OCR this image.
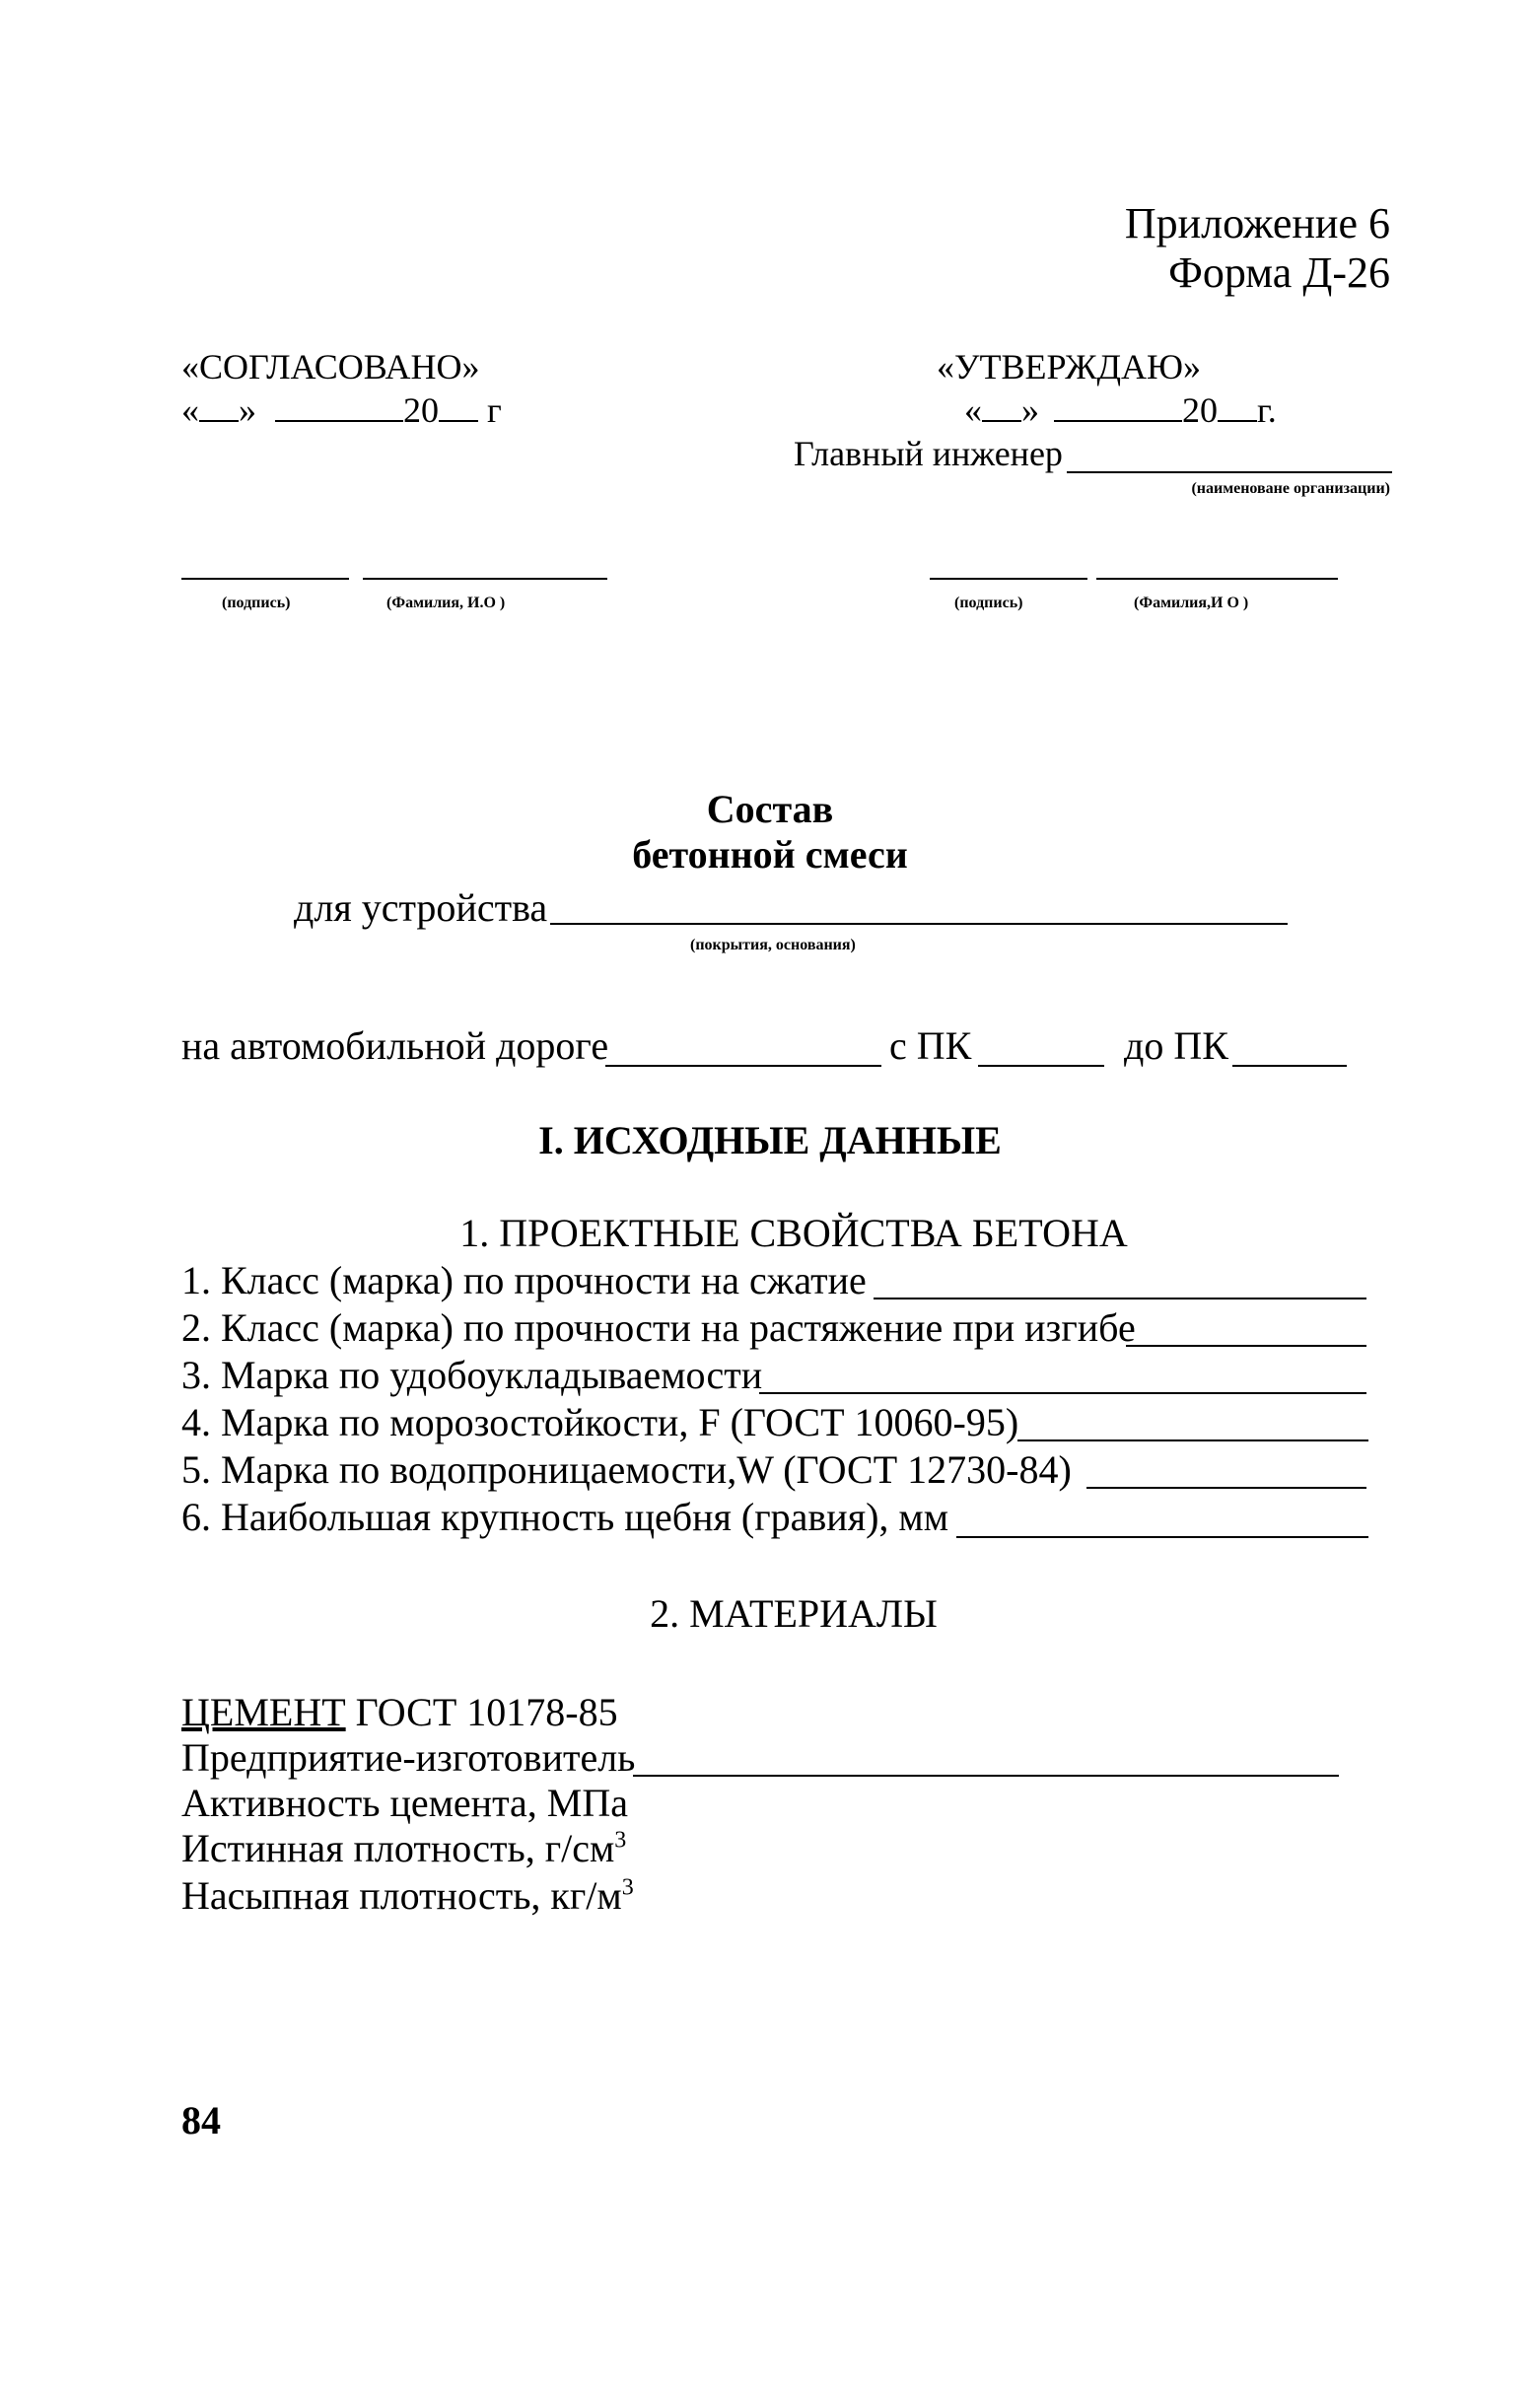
Приложение 6
Форма Д-26
«СОГЛАСОВАНО»
« »	20 г
(подпись)	(Фамилия, И.О )
«УТВЕРЖДАЮ»
« »	20 г.
Главный инженер
(наименоване организации)
(подпись)	(Фамилия,И О )
Состав
бетонной смеси
для устройства
(покрытия, основания)
на автомобильной дороге	с ПК	до ПК
I. ИСХОДНЫЕ ДАННЫЕ
1. ПРОЕКТНЫЕ СВОЙСТВА БЕТОНА
1. Класс (марка) по прочности на сжатие
2. Класс (марка) по прочности на растяжение при изгибе
3. Марка по удобоукладываемости
4. Марка по морозостойкости, F (ГОСТ 10060-95)
5. Марка по водопроницаемости,W (ГОСТ 12730-84)
6. Наибольшая крупность щебня (гравия), мм
2. МАТЕРИАЛЫ
ЦЕМЕНТ ГОСТ 10178-85
Предприятие-изготовитель
Активность цемента, МПа
Истинная плотность, $г/см^3$
Насыпная плотность, $кг/м^3$
84
